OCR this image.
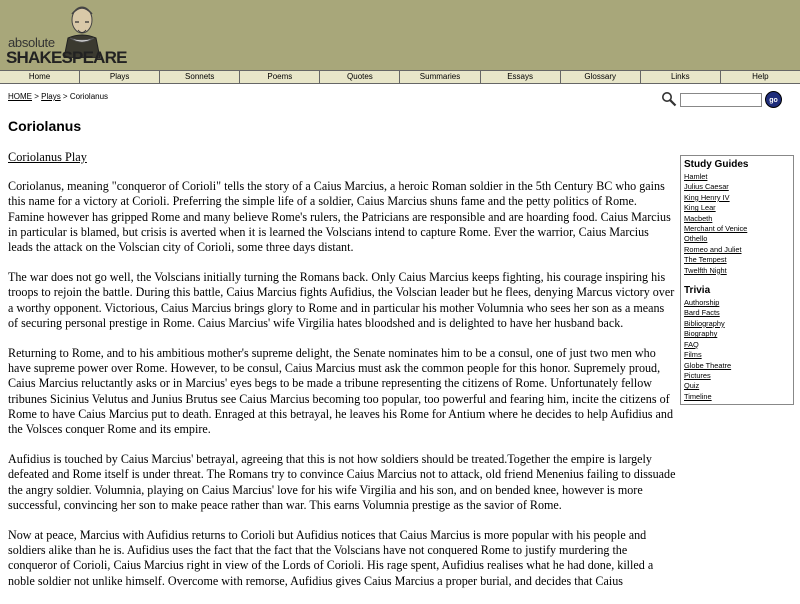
absolute
SHAKESPEARE
Home	Plays	Sonnets	Poems	Quotes	Summaries	Essays	Glossary	Links	Help
HOME > Plays > Coriolanus	go
Coriolanus

Coriolanus Play

Coriolanus, meaning "conqueror of Corioli" tells the story of a Caius Marcius, a heroic Roman soldier in the 5th Century BC who gains this name for a victory at Corioli. Preferring the simple life of a soldier, Caius Marcius shuns fame and the petty politics of Rome. Famine however has gripped Rome and many believe Rome's rulers, the Patricians are responsible and are hoarding food. Caius Marcius in particular is blamed, but crisis is averted when it is learned the Volscians intend to capture Rome. Ever the warrior, Caius Marcius leads the attack on the Volscian city of Corioli, some three days distant.

The war does not go well, the Volscians initially turning the Romans back. Only Caius Marcius keeps fighting, his courage inspiring his troops to rejoin the battle. During this battle, Caius Marcius fights Aufidius, the Volscian leader but he flees, denying Marcus victory over a worthy opponent. Victorious, Caius Marcius brings glory to Rome and in particular his mother Volumnia who sees her son as a means of securing personal prestige in Rome. Caius Marcius' wife Virgilia hates bloodshed and is delighted to have her husband back.

Returning to Rome, and to his ambitious mother's supreme delight, the Senate nominates him to be a consul, one of just two men who have supreme power over Rome. However, to be consul, Caius Marcius must ask the common people for this honor. Supremely proud, Caius Marcius reluctantly asks or in Marcius' eyes begs to be made a tribune representing the citizens of Rome. Unfortunately fellow tribunes Sicinius Velutus and Junius Brutus see Caius Marcius becoming too popular, too powerful and fearing him, incite the citizens of Rome to have Caius Marcius put to death. Enraged at this betrayal, he leaves his Rome for Antium where he decides to help Aufidius and the Volsces conquer Rome and its empire.

Aufidius is touched by Caius Marcius' betrayal, agreeing that this is not how soldiers should be treated.Together the empire is largely defeated and Rome itself is under threat. The Romans try to convince Caius Marcius not to attack, old friend Menenius failing to dissuade the angry soldier. Volumnia, playing on Caius Marcius' love for his wife Virgilia and his son, and on bended knee, however is more successful, convincing her son to make peace rather than war. This earns Volumnia prestige as the savior of Rome.

Now at peace, Marcius with Aufidius returns to Corioli but Aufidius notices that Caius Marcius is more popular with his people and soldiers alike than he is. Aufidius uses the fact that the fact that the Volscians have not conquered Rome to justify murdering the conqueror of Corioli, Caius Marcius right in view of the Lords of Corioli. His rage spent, Aufidius realises what he had done, killed a noble soldier not unlike himself. Overcome with remorse, Aufidius gives Caius Marcius a proper burial, and decides that Caius

Study Guides
Hamlet
Julius Caesar
King Henry IV
King Lear
Macbeth
Merchant of Venice
Othello
Romeo and Juliet
The Tempest
Twelfth Night
Trivia
Authorship
Bard Facts
Bibliography
Biography
FAQ
Films
Globe Theatre
Pictures
Quiz
Timeline
